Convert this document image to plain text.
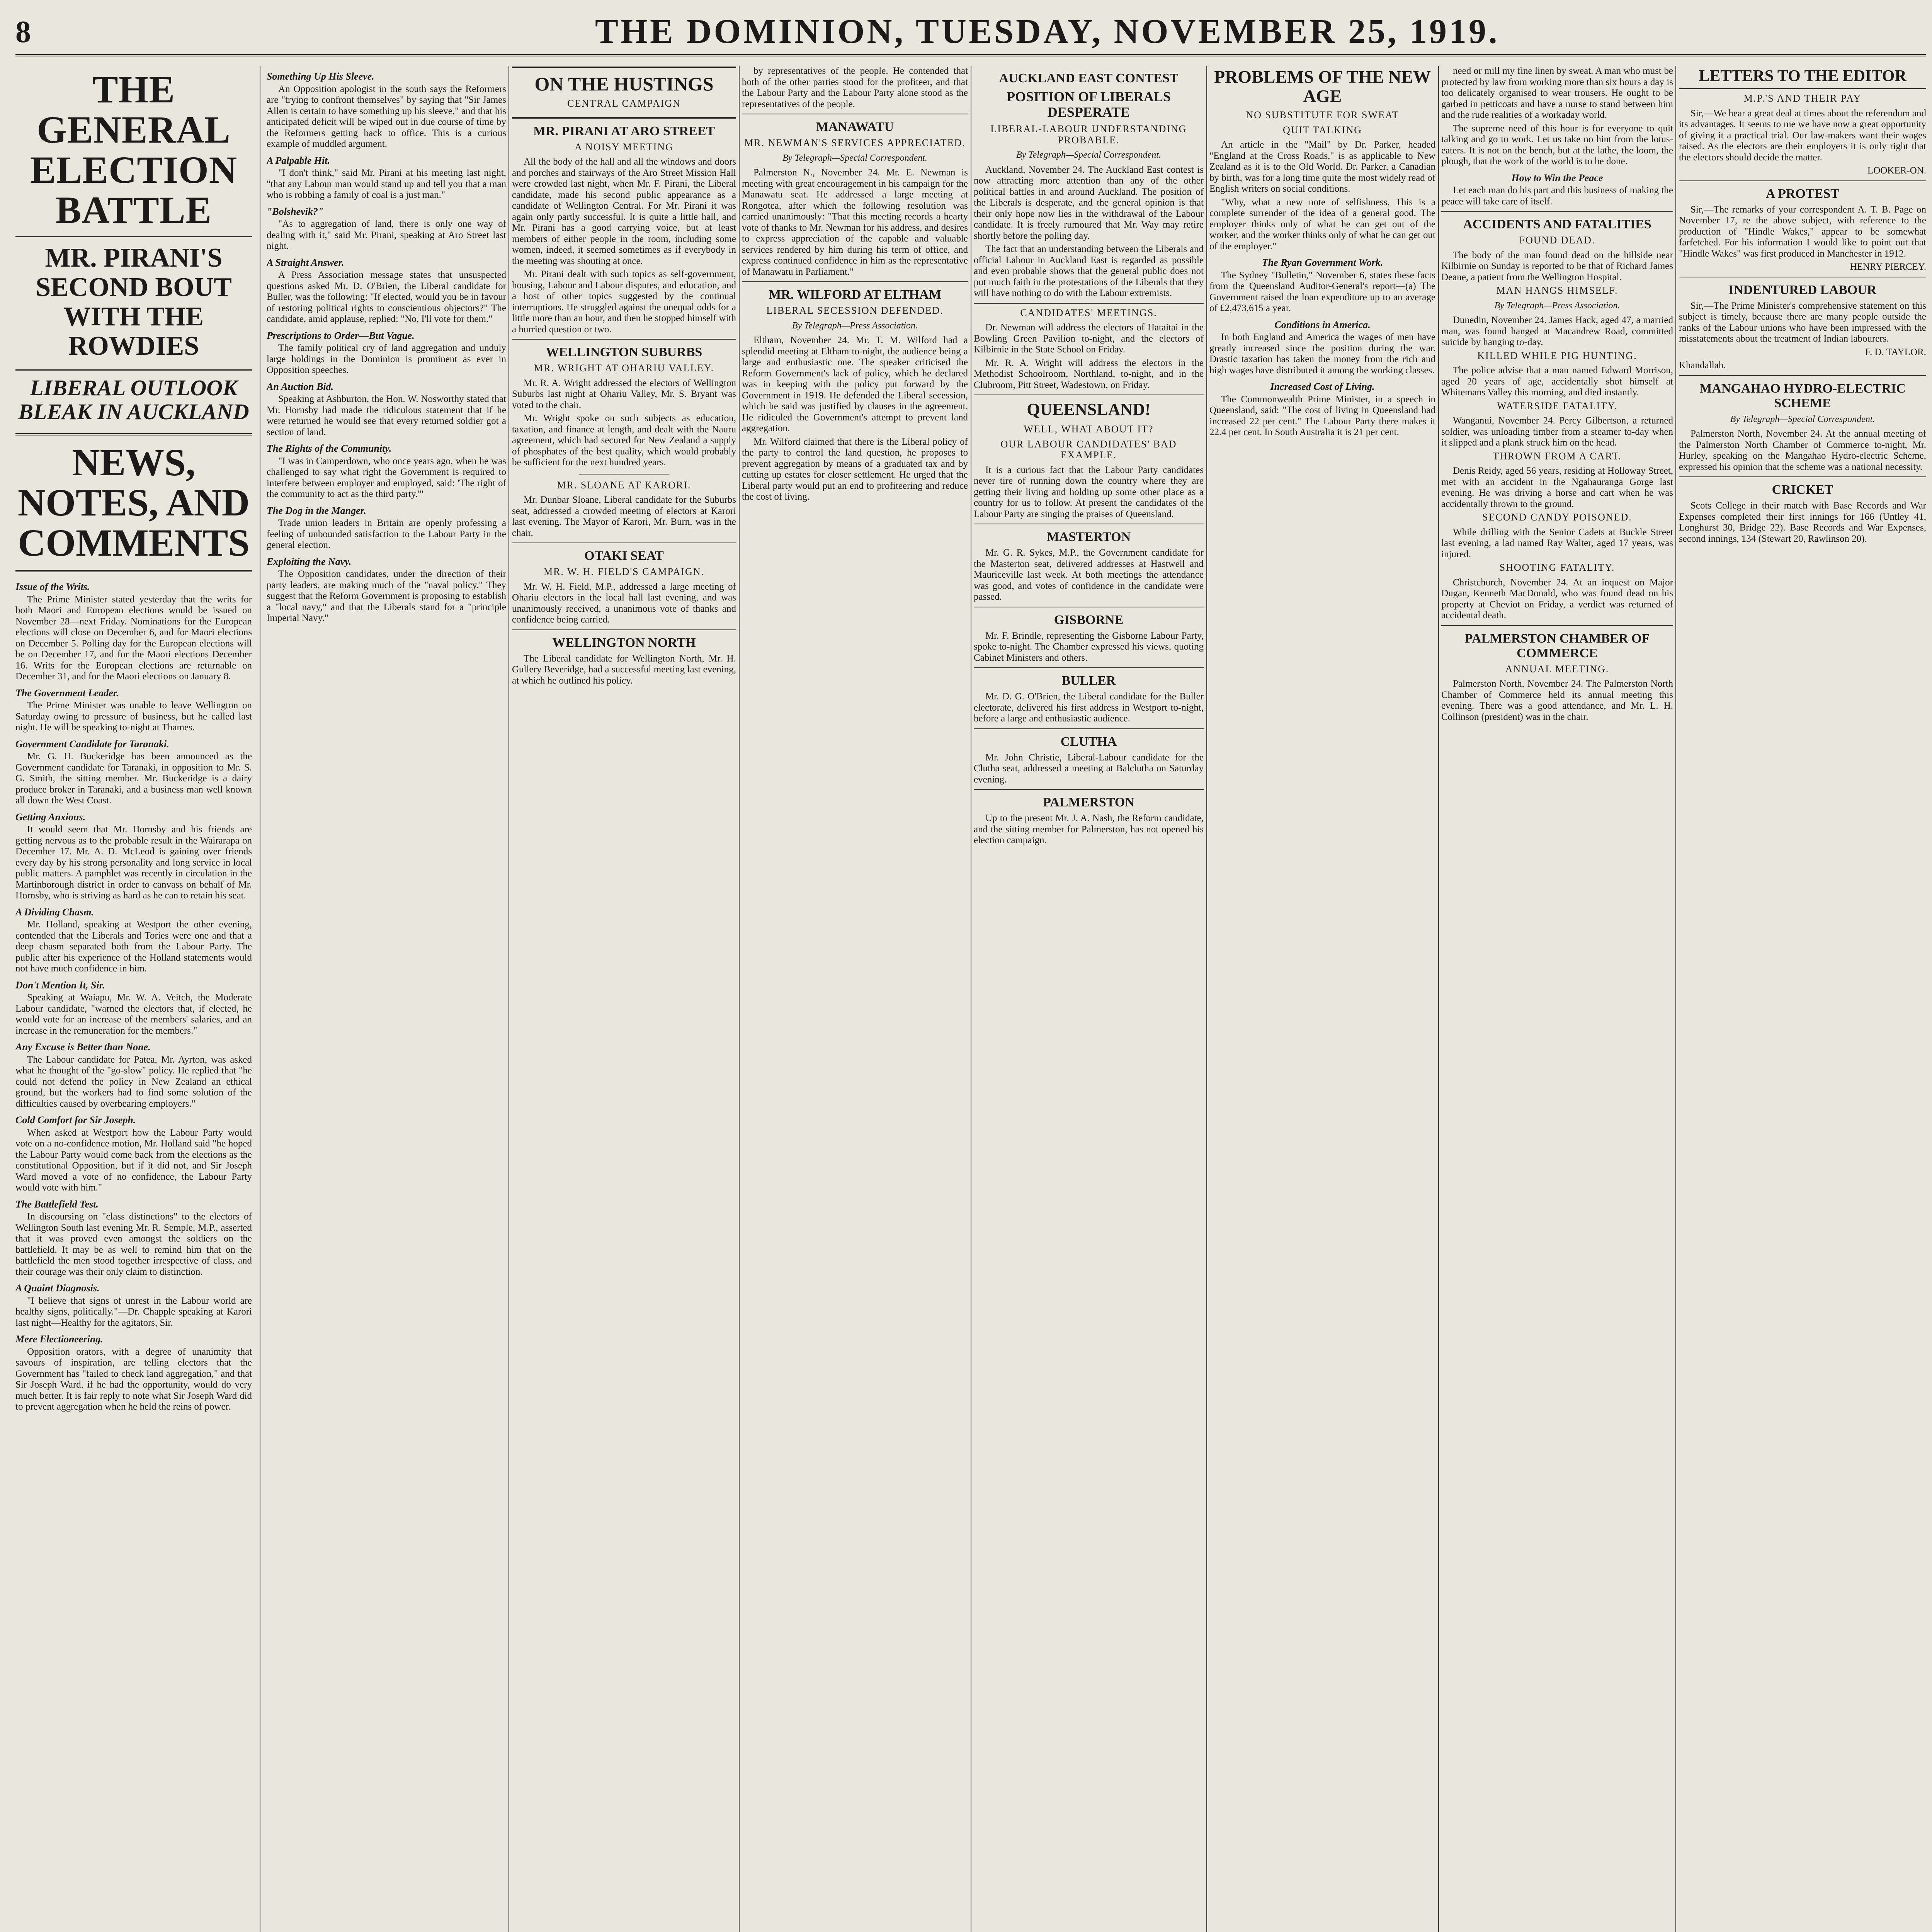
8	THE DOMINION, TUESDAY, NOVEMBER 25, 1919.
THE GENERAL ELECTION BATTLE
MR. PIRANI'S SECOND BOUT WITH THE ROWDIES
LIBERAL OUTLOOK BLEAK IN AUCKLAND
NEWS, NOTES, AND COMMENTS
Issue of the Writs.

The Prime Minister stated yesterday that the writs for both Maori and European elections would be issued on November 28—next Friday. Nominations for the European elections will close on December 6, and for Maori elections on December 5. Polling day for the European elections will be on December 17, and for the Maori elections December 16. Writs for the European elections are returnable on December 31, and for the Maori elections on January 8.

The Government Leader.

The Prime Minister was unable to leave Wellington on Saturday owing to pressure of business, but he called last night. He will be speaking to-night at Thames.

Government Candidate for Taranaki.

Mr. G. H. Buckeridge has been announced as the Government candidate for Taranaki, in opposition to Mr. S. G. Smith, the sitting member. Mr. Buckeridge is a dairy produce broker in Taranaki, and a business man well known all down the West Coast.

Getting Anxious.

It would seem that Mr. Hornsby and his friends are getting nervous as to the probable result in the Wairarapa on December 17. Mr. A. D. McLeod is gaining over friends every day by his strong personality and long service in local public matters. A pamphlet was recently in circulation in the Martinborough district in order to canvass on behalf of Mr. Hornsby, who is striving as hard as he can to retain his seat.

A Dividing Chasm.

Mr. Holland, speaking at Westport the other evening, contended that the Liberals and Tories were one and that a deep chasm separated both from the Labour Party. The public after his experience of the Holland statements would not have much confidence in him.

Don't Mention It, Sir.

Speaking at Waiapu, Mr. W. A. Veitch, the Moderate Labour candidate, "warned the electors that, if elected, he would vote for an increase of the members' salaries, and an increase in the remuneration for the members."

Any Excuse is Better than None.

The Labour candidate for Patea, Mr. Ayrton, was asked what he thought of the "go-slow" policy. He replied that "he could not defend the policy in New Zealand an ethical ground, but the workers had to find some solution of the difficulties caused by overbearing employers."

Cold Comfort for Sir Joseph.

When asked at Westport how the Labour Party would vote on a no-confidence motion, Mr. Holland said "he hoped the Labour Party would come back from the elections as the constitutional Opposition, but if it did not, and Sir Joseph Ward moved a vote of no confidence, the Labour Party would vote with him."

The Battlefield Test.

In discoursing on "class distinctions" to the electors of Wellington South last evening Mr. R. Semple, M.P., asserted that it was proved even amongst the soldiers on the battlefield. It may be as well to remind him that on the battlefield the men stood together irrespective of class, and their courage was their only claim to distinction.

A Quaint Diagnosis.

"I believe that signs of unrest in the Labour world are healthy signs, politically."—Dr. Chapple speaking at Karori last night—Healthy for the agitators, Sir.

Mere Electioneering.

Opposition orators, with a degree of unanimity that savours of inspiration, are telling electors that the Government has "failed to check land aggregation," and that Sir Joseph Ward, if he had the opportunity, would do very much better. It is fair reply to note what Sir Joseph Ward did to prevent aggregation when he held the reins of power.

Something Up His Sleeve.

An Opposition apologist in the south says the Reformers are "trying to confront themselves" by saying that "Sir James Allen is certain to have something up his sleeve," and that his anticipated deficit will be wiped out in due course of time by the Reformers getting back to office. This is a curious example of muddled argument.

A Palpable Hit.

"I don't think," said Mr. Pirani at his meeting last night, "that any Labour man would stand up and tell you that a man who is robbing a family of coal is a just man."

"Bolshevik?"

"As to aggregation of land, there is only one way of dealing with it," said Mr. Pirani, speaking at Aro Street last night.

A Straight Answer.

A Press Association message states that unsuspected questions asked Mr. D. O'Brien, the Liberal candidate for Buller, was the following: "If elected, would you be in favour of restoring political rights to conscientious objectors?" The candidate, amid applause, replied: "No, I'll vote for them."

Prescriptions to Order—But Vague.

The family political cry of land aggregation and unduly large holdings in the Dominion is prominent as ever in Opposition speeches.

An Auction Bid.

Speaking at Ashburton, the Hon. W. Nosworthy stated that Mr. Hornsby had made the ridiculous statement that if he were returned he would see that every returned soldier got a section of land.

The Rights of the Community.

"I was in Camperdown, who once years ago, when he was challenged to say what right the Government is required to interfere between employer and employed, said: 'The right of the community to act as the third party.'"

The Dog in the Manger.

Trade union leaders in Britain are openly professing a feeling of unbounded satisfaction to the Labour Party in the general election.

Exploiting the Navy.

The Opposition candidates, under the direction of their party leaders, are making much of the "naval policy." They suggest that the Reform Government is proposing to establish a "local navy," and that the Liberals stand for a "principle Imperial Navy."

ON THE HUSTINGS
CENTRAL CAMPAIGN
MR. PIRANI AT ARO STREET
A NOISY MEETING

All the body of the hall and all the windows and doors and porches and stairways of the Aro Street Mission Hall were crowded last night, when Mr. F. Pirani, the Liberal candidate, made his second public appearance as a candidate of Wellington Central. For Mr. Pirani it was again only partly successful. It is quite a little hall, and Mr. Pirani has a good carrying voice, but at least members of either people in the room, including some women, indeed, it seemed sometimes as if everybody in the meeting was shouting at once.

Mr. Pirani dealt with such topics as self-government, housing, Labour and Labour disputes, and education, and a host of other topics suggested by the continual interruptions. He struggled against the unequal odds for a little more than an hour, and then he stopped himself with a hurried question or two.

WELLINGTON SUBURBS
MR. WRIGHT AT OHARIU VALLEY.

Mr. R. A. Wright addressed the electors of Wellington Suburbs last night at Ohariu Valley, Mr. S. Bryant was voted to the chair.

Mr. Wright spoke on such subjects as education, taxation, and finance at length, and dealt with the Nauru agreement, which had secured for New Zealand a supply of phosphates of the best quality, which would probably be sufficient for the next hundred years.

MR. SLOANE AT KARORI.

Mr. Dunbar Sloane, Liberal candidate for the Suburbs seat, addressed a crowded meeting of electors at Karori last evening. The Mayor of Karori, Mr. Burn, was in the chair.

OTAKI SEAT
MR. W. H. FIELD'S CAMPAIGN.

Mr. W. H. Field, M.P., addressed a large meeting of Ohariu electors in the local hall last evening, and was unanimously received, a unanimous vote of thanks and confidence being carried.

WELLINGTON NORTH

The Liberal candidate for Wellington North, Mr. H. Gullery Beveridge, had a successful meeting last evening, at which he outlined his policy.

by representatives of the people. He contended that both of the other parties stood for the profiteer, and that the Labour Party and the Labour Party alone stood as the representatives of the people.

MANAWATU
MR. NEWMAN'S SERVICES APPRECIATED.
By Telegraph—Special Correspondent.

Palmerston N., November 24. Mr. E. Newman is meeting with great encouragement in his campaign for the Manawatu seat. He addressed a large meeting at Rongotea, after which the following resolution was carried unanimously: "That this meeting records a hearty vote of thanks to Mr. Newman for his address, and desires to express appreciation of the capable and valuable services rendered by him during his term of office, and express continued confidence in him as the representative of Manawatu in Parliament."

MR. WILFORD AT ELTHAM
LIBERAL SECESSION DEFENDED.
By Telegraph—Press Association.

Eltham, November 24. Mr. T. M. Wilford had a splendid meeting at Eltham to-night, the audience being a large and enthusiastic one. The speaker criticised the Reform Government's lack of policy, which he declared was in keeping with the policy put forward by the Government in 1919. He defended the Liberal secession, which he said was justified by clauses in the agreement. He ridiculed the Government's attempt to prevent land aggregation.

Mr. Wilford claimed that there is the Liberal policy of the party to control the land question, he proposes to prevent aggregation by means of a graduated tax and by cutting up estates for closer settlement. He urged that the Liberal party would put an end to profiteering and reduce the cost of living.

AUCKLAND EAST CONTEST
POSITION OF LIBERALS DESPERATE
LIBERAL-LABOUR UNDERSTANDING PROBABLE.
By Telegraph—Special Correspondent.

Auckland, November 24. The Auckland East contest is now attracting more attention than any of the other political battles in and around Auckland. The position of the Liberals is desperate, and the general opinion is that their only hope now lies in the withdrawal of the Labour candidate. It is freely rumoured that Mr. Way may retire shortly before the polling day.

The fact that an understanding between the Liberals and official Labour in Auckland East is regarded as possible and even probable shows that the general public does not put much faith in the protestations of the Liberals that they will have nothing to do with the Labour extremists.

CANDIDATES' MEETINGS.

Dr. Newman will address the electors of Hataitai in the Bowling Green Pavilion to-night, and the electors of Kilbirnie in the State School on Friday.

Mr. R. A. Wright will address the electors in the Methodist Schoolroom, Northland, to-night, and in the Clubroom, Pitt Street, Wadestown, on Friday.

QUEENSLAND!
WELL, WHAT ABOUT IT?
OUR LABOUR CANDIDATES' BAD EXAMPLE.

It is a curious fact that the Labour Party candidates never tire of running down the country where they are getting their living and holding up some other place as a country for us to follow. At present the candidates of the Labour Party are singing the praises of Queensland.

MASTERTON

Mr. G. R. Sykes, M.P., the Government candidate for the Masterton seat, delivered addresses at Hastwell and Mauriceville last week. At both meetings the attendance was good, and votes of confidence in the candidate were passed.

GISBORNE

Mr. F. Brindle, representing the Gisborne Labour Party, spoke to-night. The Chamber expressed his views, quoting Cabinet Ministers and others.

BULLER

Mr. D. G. O'Brien, the Liberal candidate for the Buller electorate, delivered his first address in Westport to-night, before a large and enthusiastic audience.

CLUTHA

Mr. John Christie, Liberal-Labour candidate for the Clutha seat, addressed a meeting at Balclutha on Saturday evening.

PALMERSTON

Up to the present Mr. J. A. Nash, the Reform candidate, and the sitting member for Palmerston, has not opened his election campaign.

PROBLEMS OF THE NEW AGE
NO SUBSTITUTE FOR SWEAT
QUIT TALKING

An article in the "Mail" by Dr. Parker, headed "England at the Cross Roads," is as applicable to New Zealand as it is to the Old World. Dr. Parker, a Canadian by birth, was for a long time quite the most widely read of English writers on social conditions.

"Why, what a new note of selfishness. This is a complete surrender of the idea of a general good. The employer thinks only of what he can get out of the worker, and the worker thinks only of what he can get out of the employer."

The Ryan Government Work.

The Sydney "Bulletin," November 6, states these facts from the Queensland Auditor-General's report—(a) The Government raised the loan expenditure up to an average of £2,473,615 a year.

Conditions in America.

In both England and America the wages of men have greatly increased since the position during the war. Drastic taxation has taken the money from the rich and high wages have distributed it among the working classes.

Increased Cost of Living.

The Commonwealth Prime Minister, in a speech in Queensland, said: "The cost of living in Queensland had increased 22 per cent." The Labour Party there makes it 22.4 per cent. In South Australia it is 21 per cent.

need or mill my fine linen by sweat. A man who must be protected by law from working more than six hours a day is too delicately organised to wear trousers. He ought to be garbed in petticoats and have a nurse to stand between him and the rude realities of a workaday world.

The supreme need of this hour is for everyone to quit talking and go to work. Let us take no hint from the lotus-eaters. It is not on the bench, but at the lathe, the loom, the plough, that the work of the world is to be done.

How to Win the Peace

Let each man do his part and this business of making the peace will take care of itself.

ACCIDENTS AND FATALITIES
FOUND DEAD.

The body of the man found dead on the hillside near Kilbirnie on Sunday is reported to be that of Richard James Deane, a patient from the Wellington Hospital.

MAN HANGS HIMSELF.
By Telegraph—Press Association.

Dunedin, November 24. James Hack, aged 47, a married man, was found hanged at Macandrew Road, committed suicide by hanging to-day.

KILLED WHILE PIG HUNTING.

The police advise that a man named Edward Morrison, aged 20 years of age, accidentally shot himself at Whitemans Valley this morning, and died instantly.

WATERSIDE FATALITY.

Wanganui, November 24. Percy Gilbertson, a returned soldier, was unloading timber from a steamer to-day when it slipped and a plank struck him on the head.

THROWN FROM A CART.

Denis Reidy, aged 56 years, residing at Holloway Street, met with an accident in the Ngahauranga Gorge last evening. He was driving a horse and cart when he was accidentally thrown to the ground.

SECOND CANDY POISONED.

While drilling with the Senior Cadets at Buckle Street last evening, a lad named Ray Walter, aged 17 years, was injured.

SHOOTING FATALITY.

Christchurch, November 24. At an inquest on Major Dugan, Kenneth MacDonald, who was found dead on his property at Cheviot on Friday, a verdict was returned of accidental death.

PALMERSTON CHAMBER OF COMMERCE
ANNUAL MEETING.

Palmerston North, November 24. The Palmerston North Chamber of Commerce held its annual meeting this evening. There was a good attendance, and Mr. L. H. Collinson (president) was in the chair.

LETTERS TO THE EDITOR
M.P.'S AND THEIR PAY

Sir,—We hear a great deal at times about the referendum and its advantages. It seems to me we have now a great opportunity of giving it a practical trial. Our law-makers want their wages raised. As the electors are their employers it is only right that the electors should decide the matter.

LOOKER-ON.

A PROTEST

Sir,—The remarks of your correspondent A. T. B. Page on November 17, re the above subject, with reference to the production of "Hindle Wakes," appear to be somewhat farfetched. For his information I would like to point out that "Hindle Wakes" was first produced in Manchester in 1912.

HENRY PIERCEY.

INDENTURED LABOUR

Sir,—The Prime Minister's comprehensive statement on this subject is timely, because there are many people outside the ranks of the Labour unions who have been impressed with the misstatements about the treatment of Indian labourers.

F. D. TAYLOR.

Khandallah.

MANGAHAO HYDRO-ELECTRIC SCHEME
By Telegraph—Special Correspondent.

Palmerston North, November 24. At the annual meeting of the Palmerston North Chamber of Commerce to-night, Mr. Hurley, speaking on the Mangahao Hydro-electric Scheme, expressed his opinion that the scheme was a national necessity.

CRICKET

Scots College in their match with Base Records and War Expenses completed their first innings for 166 (Untley 41, Longhurst 30, Bridge 22). Base Records and War Expenses, second innings, 134 (Stewart 20, Rawlinson 20).
